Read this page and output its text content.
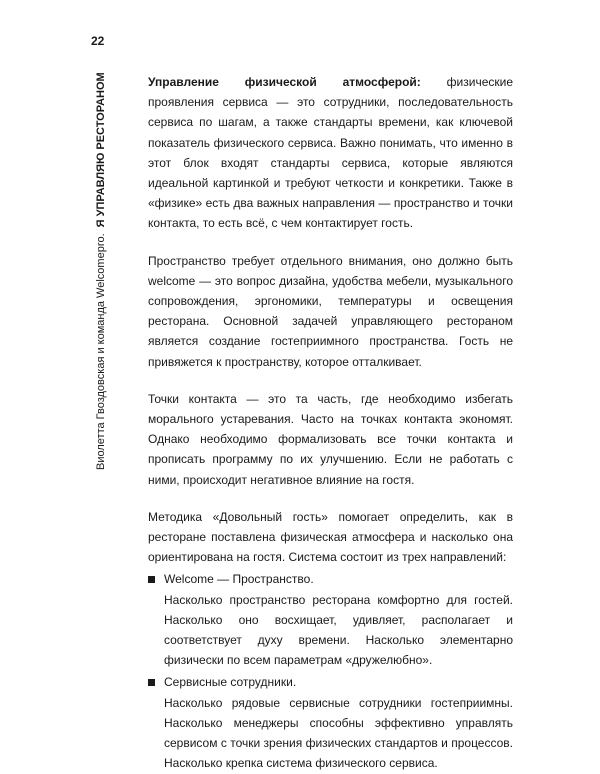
22
Виолетта Гвоздовская и команда Welcomepro.Я УПРАВЛЯЮ РЕСТОРАНОМ	Управление физической атмосферой: физические проявления сервиса — это сотрудники, последовательность сервиса по шагам, а также стандарты времени, как ключевой показатель физического сервиса. Важно понимать, что именно в этот блок входят стандарты сервиса, которые являются идеальной картинкой и требуют четкости и конкретики. Также в «физике» есть два важных направления — пространство и точки контакта, то есть всё, с чем контактирует гость.

Пространство требует отдельного внимания, оно должно быть welcome — это вопрос дизайна, удобства мебели, музыкального сопровождения, эргономики, температуры и освещения ресторана. Основной задачей управляющего рестораном является создание гостеприимного пространства. Гость не привяжется к пространству, которое отталкивает.

Точки контакта — это та часть, где необходимо избегать морального устаревания. Часто на точках контакта экономят. Однако необходимо формализовать все точки контакта и прописать программу по их улучшению. Если не работать с ними, происходит негативное влияние на гостя.

Методика «Довольный гость» помогает определить, как в ресторане поставлена физическая атмосфера и насколько она ориентирована на гостя. Система состоит из трех направлений:

Welcome — Пространство.
Насколько пространство ресторана комфортно для гостей. Насколько оно восхищает, удивляет, располагает и соответствует духу времени. Насколько элементарно физически по всем параметрам «дружелюбно».
Сервисные сотрудники.
Насколько рядовые сервисные сотрудники гостеприимны. Насколько менеджеры способны эффективно управлять сервисом с точки зрения физических стандартов и процессов. Насколько крепка система физического сервиса.
